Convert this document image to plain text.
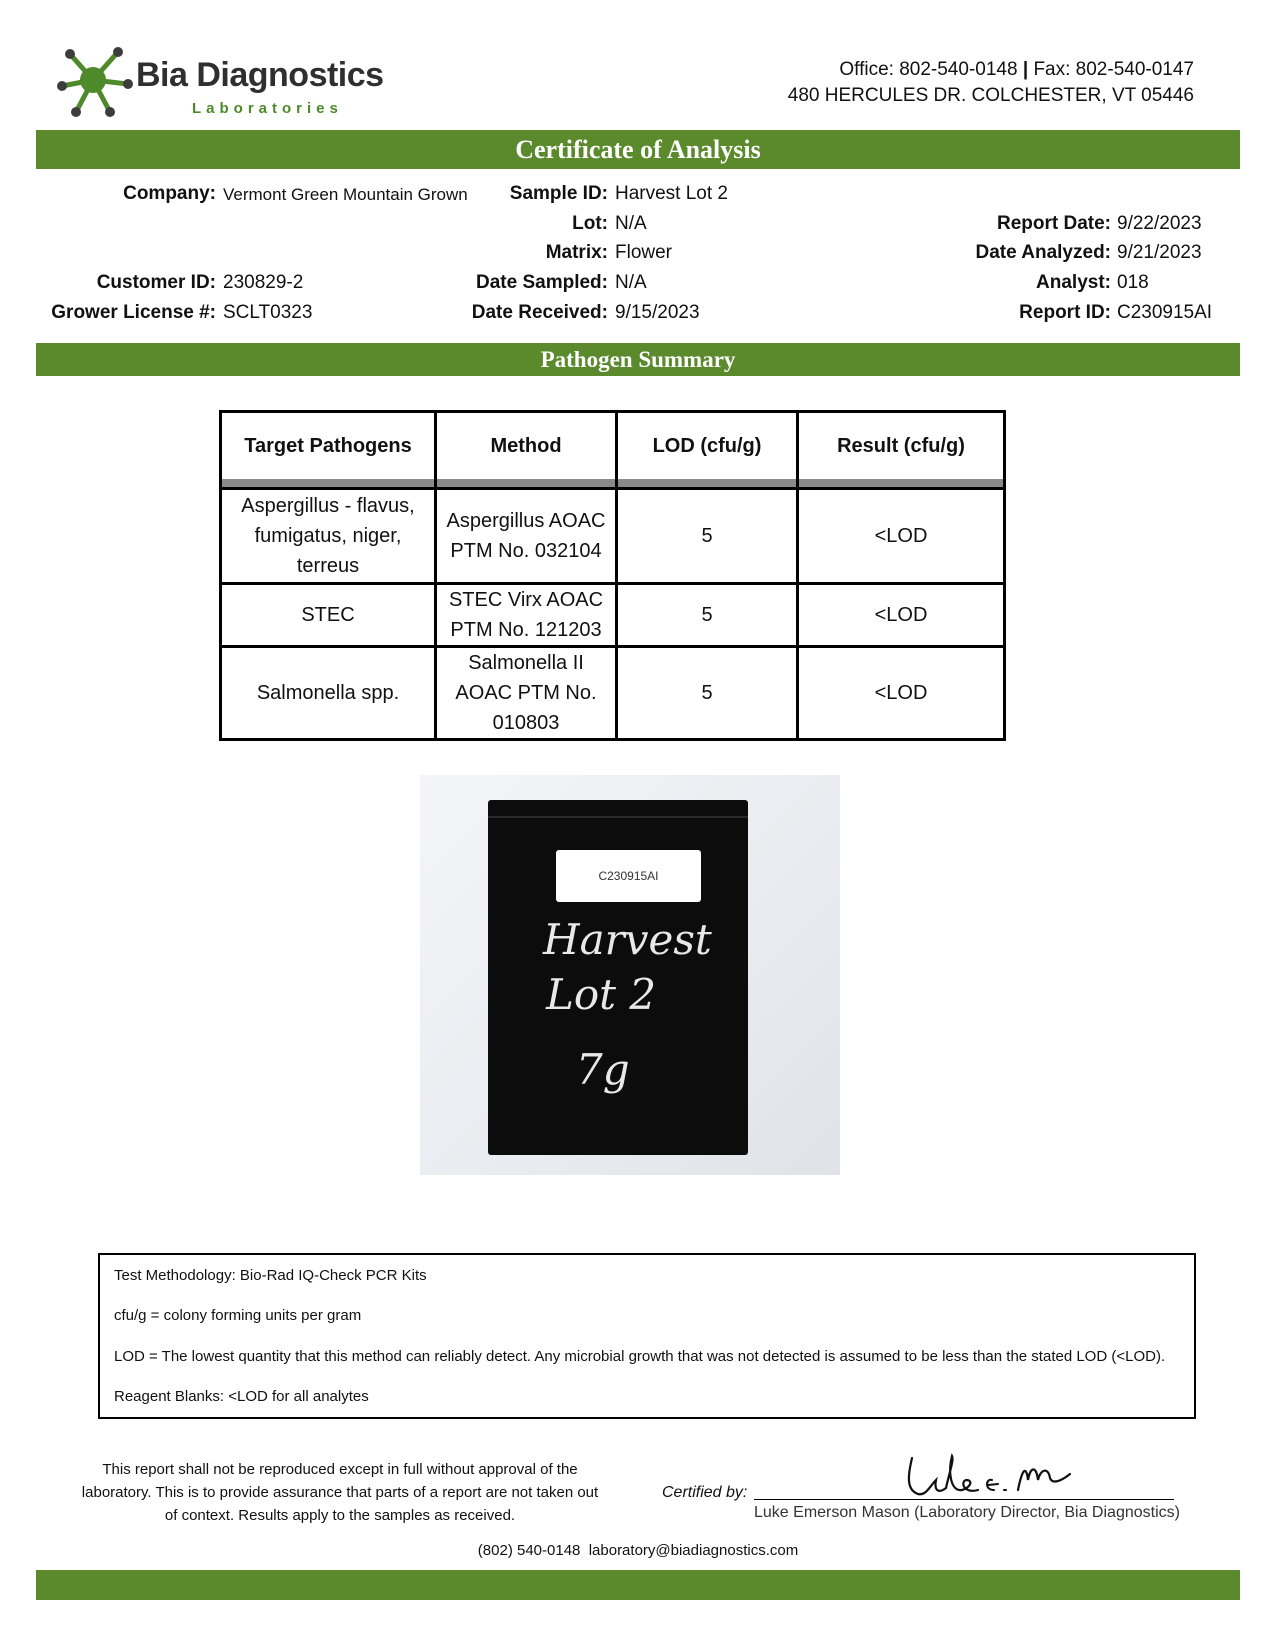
Bia Diagnostics
Laboratories
Office: 802-540-0148 | Fax: 802-540-0147
480 HERCULES DR. COLCHESTER, VT 05446
Certificate of Analysis
Company: Vermont Green Mountain Grown
Customer ID: 230829-2
Grower License #: SCLT0323
Sample ID: Harvest Lot 2
Lot: N/A
Matrix: Flower
Date Sampled: N/A
Date Received: 9/15/2023
Report Date: 9/22/2023
Date Analyzed: 9/21/2023
Analyst: 018
Report ID: C230915AI
Pathogen Summary
Target Pathogens	Method	LOD (cfu/g)	Result (cfu/g)

Aspergillus - flavus, fumigatus, niger, terreus	Aspergillus AOAC PTM No. 032104	5	<LOD
STEC	STEC Virx AOAC PTM No. 121203	5	<LOD
Salmonella spp.	Salmonella II AOAC PTM No. 010803	5	<LOD
C230915AI
Harvest
Lot 2
7g
Test Methodology: Bio-Rad IQ-Check PCR Kits
cfu/g = colony forming units per gram
LOD = The lowest quantity that this method can reliably detect. Any microbial growth that was not detected is assumed to be less than the stated LOD (<LOD).
Reagent Blanks: <LOD for all analytes
This report shall not be reproduced except in full without approval of the
laboratory. This is to provide assurance that parts of a report are not taken out
of context. Results apply to the samples as received.
Certified by:
Luke Emerson Mason (Laboratory Director, Bia Diagnostics)
(802) 540-0148  laboratory@biadiagnostics.com
